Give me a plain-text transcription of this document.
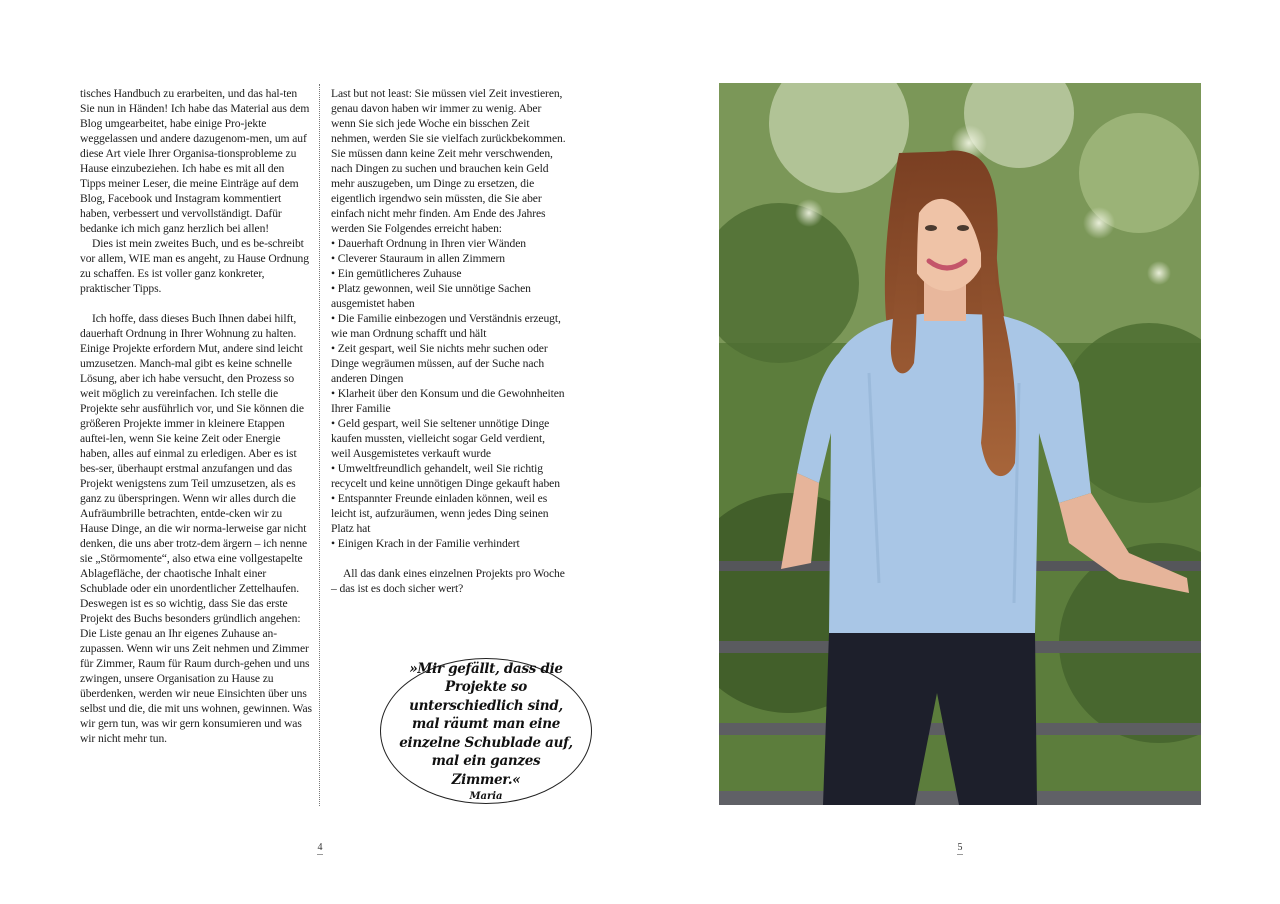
tisches Handbuch zu erarbeiten, und das hal-ten Sie nun in Händen! Ich habe das Material aus dem Blog umgearbeitet, habe einige Pro-jekte weggelassen und andere dazugenom-men, um auf diese Art viele Ihrer Organisa-tionsprobleme zu Hause einzubeziehen. Ich habe es mit all den Tipps meiner Leser, die meine Einträge auf dem Blog, Facebook und Instagram kommentiert haben, verbessert und vervollständigt. Dafür bedanke ich mich ganz herzlich bei allen!

Dies ist mein zweites Buch, und es be-schreibt vor allem, WIE man es angeht, zu Hause Ordnung zu schaffen. Es ist voller ganz konkreter, praktischer Tipps.

Ich hoffe, dass dieses Buch Ihnen dabei hilft, dauerhaft Ordnung in Ihrer Wohnung zu halten. Einige Projekte erfordern Mut, andere sind leicht umzusetzen. Manch-mal gibt es keine schnelle Lösung, aber ich habe versucht, den Prozess so weit möglich zu vereinfachen. Ich stelle die Projekte sehr ausführlich vor, und Sie können die größeren Projekte immer in kleinere Etappen auftei-len, wenn Sie keine Zeit oder Energie haben, alles auf einmal zu erledigen. Aber es ist bes-ser, überhaupt erstmal anzufangen und das Projekt wenigstens zum Teil umzusetzen, als es ganz zu überspringen. Wenn wir alles durch die Aufräumbrille betrachten, entde-cken wir zu Hause Dinge, an die wir norma-lerweise gar nicht denken, die uns aber trotz-dem ärgern – ich nenne sie „Störmomente“, also etwa eine vollgestapelte Ablagefläche, der chaotische Inhalt einer Schublade oder ein unordentlicher Zettelhaufen. Deswegen ist es so wichtig, dass Sie das erste Projekt des Buchs besonders gründlich angehen: Die Liste genau an Ihr eigenes Zuhause an-zupassen. Wenn wir uns Zeit nehmen und Zimmer für Zimmer, Raum für Raum durch-gehen und uns zwingen, unsere Organisation zu Hause zu überdenken, werden wir neue Einsichten über uns selbst und die, die mit uns wohnen, gewinnen. Was wir gern tun, was wir gern konsumieren und was wir nicht mehr tun.

Last but not least: Sie müssen viel Zeit investieren, genau davon haben wir immer zu wenig. Aber wenn Sie sich jede Woche ein bisschen Zeit nehmen, werden Sie sie vielfach zurückbekommen. Sie müssen dann keine Zeit mehr verschwenden, nach Dingen zu suchen und brauchen kein Geld mehr auszugeben, um Dinge zu ersetzen, die eigentlich irgendwo sein müssten, die Sie aber einfach nicht mehr finden. Am Ende des Jahres werden Sie Folgendes erreicht haben:

• Dauerhaft Ordnung in Ihren vier Wänden

• Cleverer Stauraum in allen Zimmern

• Ein gemütlicheres Zuhause

• Platz gewonnen, weil Sie unnötige Sachen ausgemistet haben

• Die Familie einbezogen und Verständnis erzeugt, wie man Ordnung schafft und hält

• Zeit gespart, weil Sie nichts mehr suchen oder Dinge wegräumen müssen, auf der Suche nach anderen Dingen

• Klarheit über den Konsum und die Gewohnheiten Ihrer Familie

• Geld gespart, weil Sie seltener unnötige Dinge kaufen mussten, vielleicht sogar Geld verdient, weil Ausgemistetes verkauft wurde

• Umweltfreundlich gehandelt, weil Sie richtig recycelt und keine unnötigen Dinge gekauft haben

• Entspannter Freunde einladen können, weil es leicht ist, aufzuräumen, wenn jedes Ding seinen Platz hat

• Einigen Krach in der Familie verhindert

All das dank eines einzelnen Projekts pro Woche – das ist es doch sicher wert?

»Mir gefällt, dass die Projekte so unterschiedlich sind, mal räumt man eine einzelne Schublade auf, mal ein ganzes Zimmer.«

Maria
4	5
